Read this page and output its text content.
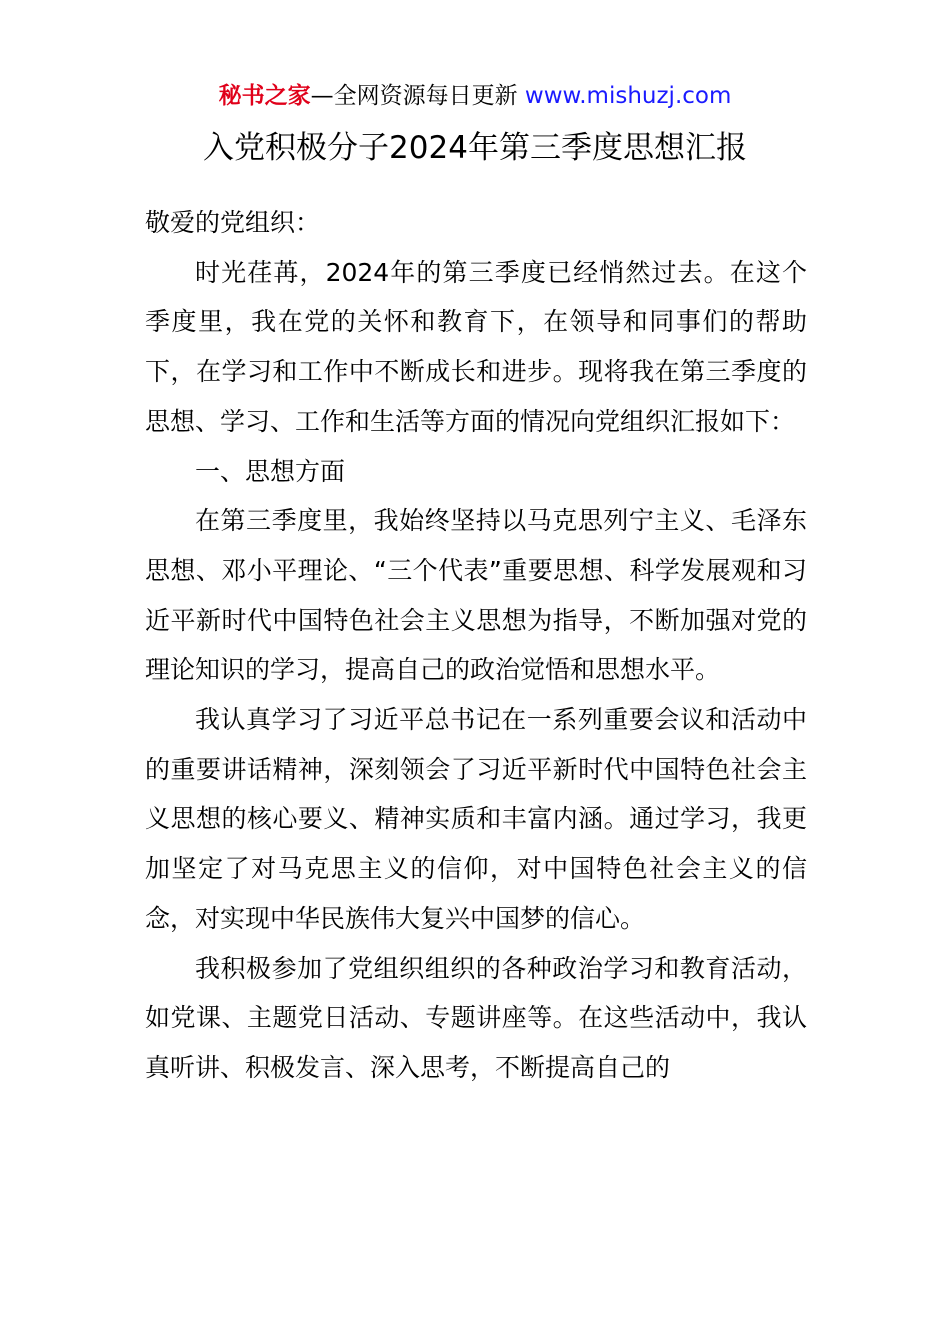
秘书之家—全网资源每日更新 www.mishuzj.com
入党积极分子2024年第三季度思想汇报

敬爱的党组织：

时光荏苒，2024年的第三季度已经悄然过去。在这个季度里，我在党的关怀和教育下，在领导和同事们的帮助下，在学习和工作中不断成长和进步。现将我在第三季度的思想、学习、工作和生活等方面的情况向党组织汇报如下：

一、思想方面

在第三季度里，我始终坚持以马克思列宁主义、毛泽东思想、邓小平理论、“三个代表”重要思想、科学发展观和习近平新时代中国特色社会主义思想为指导，不断加强对党的理论知识的学习，提高自己的政治觉悟和思想水平。

我认真学习了习近平总书记在一系列重要会议和活动中的重要讲话精神，深刻领会了习近平新时代中国特色社会主义思想的核心要义、精神实质和丰富内涵。通过学习，我更加坚定了对马克思主义的信仰，对中国特色社会主义的信念，对实现中华民族伟大复兴中国梦的信心。

我积极参加了党组织组织的各种政治学习和教育活动，如党课、主题党日活动、专题讲座等。在这些活动中，我认真听讲、积极发言、深入思考，不断提高自己的
